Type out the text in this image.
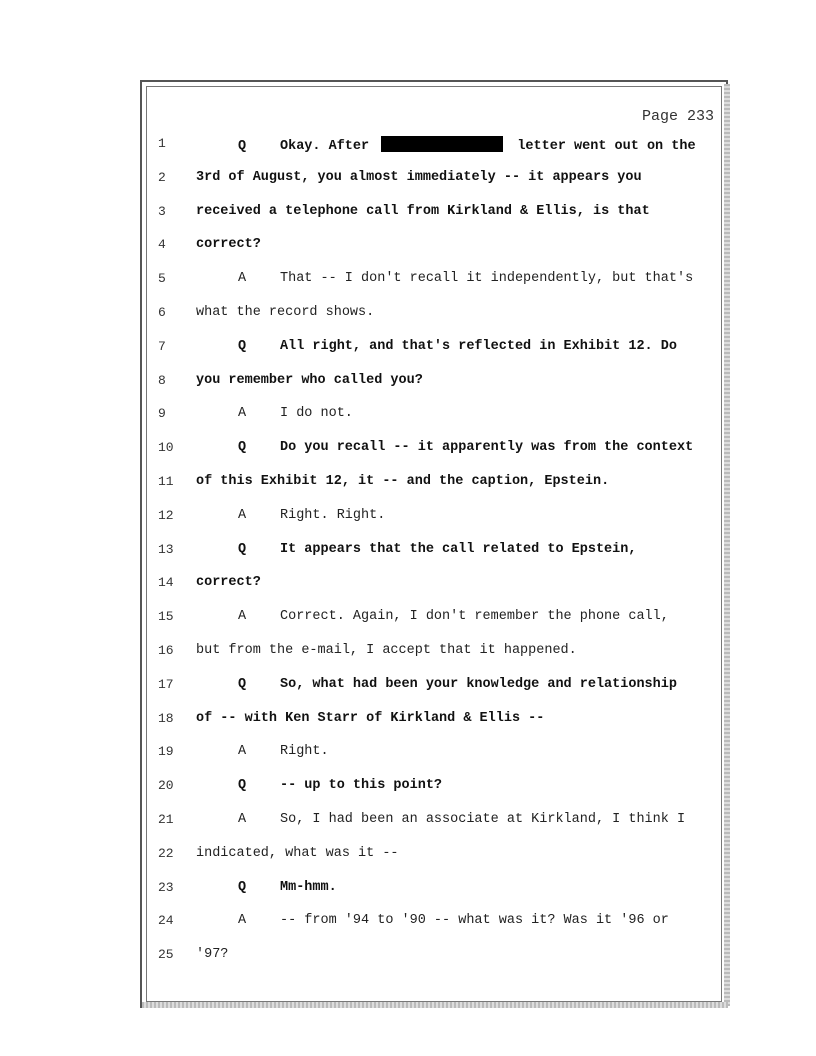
Page 233
1	Q	Okay. After	letter went out on the
2	3rd of August, you almost immediately -- it appears you
3	received a telephone call from Kirkland & Ellis, is that
4	correct?
5	A	That -- I don't recall it independently, but that's
6	what the record shows.
7	Q	All right, and that's reflected in Exhibit 12. Do
8	you remember who called you?
9	A	I do not.
10	Q	Do you recall -- it apparently was from the context
11	of this Exhibit 12, it -- and the caption, Epstein.
12	A	Right. Right.
13	Q	It appears that the call related to Epstein,
14	correct?
15	A	Correct. Again, I don't remember the phone call,
16	but from the e-mail, I accept that it happened.
17	Q	So, what had been your knowledge and relationship
18	of -- with Ken Starr of Kirkland & Ellis --
19	A	Right.
20	Q	-- up to this point?
21	A	So, I had been an associate at Kirkland, I think I
22	indicated, what was it --
23	Q	Mm-hmm.
24	A	-- from '94 to '90 -- what was it? Was it '96 or
25	'97?
